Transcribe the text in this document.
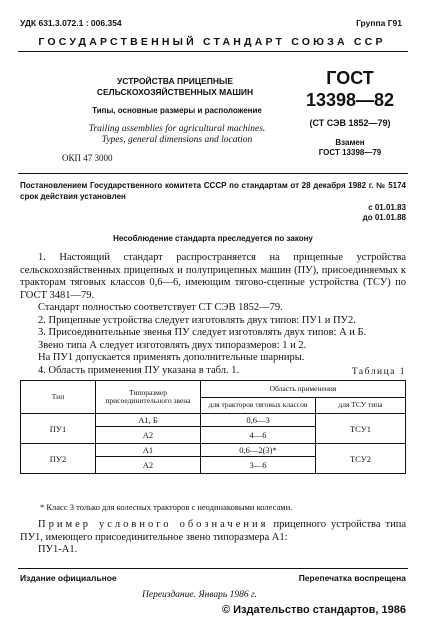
УДК 631.3.072.1 : 006.354	Группа Г91
ГОСУДАРСТВЕННЫЙ СТАНДАРТ СОЮЗА ССР
УСТРОЙСТВА ПРИЦЕПНЫЕ
СЕЛЬСКОХОЗЯЙСТВЕННЫХ МАШИН
Типы, основные размеры и расположение
Trailing assemblies for agricultural machines.
Types, general dimensions and location
ОКП 47 3000
ГОСТ
13398—82
(СТ СЭВ 1852—79)
Взамен
ГОСТ 13398—79
Постановлением Государственного комитета СССР по стандартам от 28 декабря 1982 г. № 5174 срок действия установлен
с 01.01.83
до 01.01.88
Несоблюдение стандарта преследуется по закону

1. Настоящий стандарт распространяется на прицепные устройства сельскохозяйственных прицепных и полуприцепных машин (ПУ), присоединяемых к тракторам тяговых классов 0,6—6, имеющим тягово-сцепные устройства (ТСУ) по ГОСТ 3481—79.

Стандарт полностью соответствует СТ СЭВ 1852—79.

2. Прицепные устройства следует изготовлять двух типов: ПУ1 и ПУ2.

3. Присоединительные звенья ПУ следует изготовлять двух типов: А и Б.

Звено типа А следует изготовлять двух типоразмеров: 1 и 2.

На ПУ1 допускается применять дополнительные шарниры.

4. Область применения ПУ указана в табл. 1.	Таблица 1
Тип	Типоразмер присоединительного звена	Область применения	
		для тракторов тяговых классов	для ТСУ типа
ПУ1	А1, Б	0,6—3	ТСУ1
	А2	4—6	
ПУ2	А1	0,6—2(3)*	ТСУ2
	А2	3—6	
* Класс 3 только для колесных тракторов с неодинаковыми колесами.

Пример условного обозначения прицепного устройства типа ПУ1, имеющего присоединительное звено типоразмера А1:

ПУ1-А1.

Издание официальное	Перепечатка воспрещена
Переиздание. Январь 1986 г.
© Издательство стандартов, 1986
